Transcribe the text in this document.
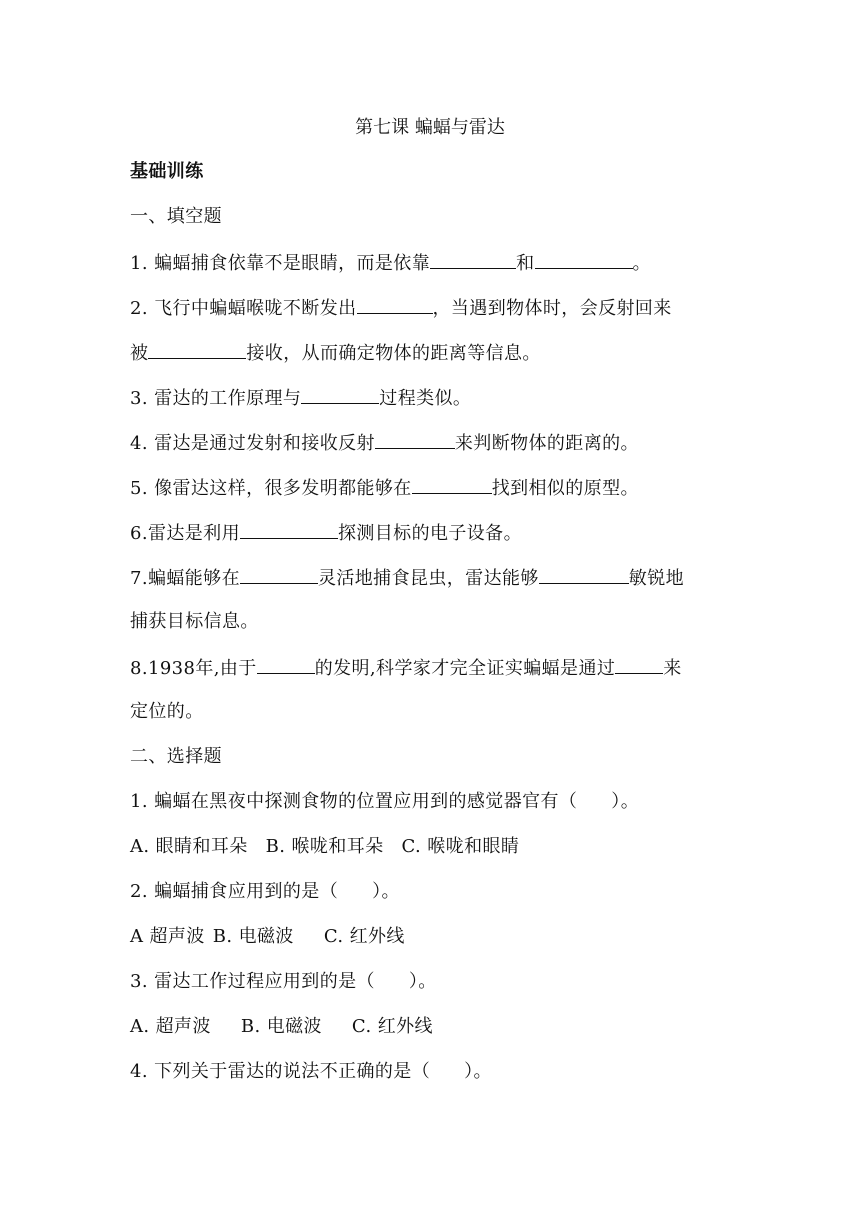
第七课 蝙蝠与雷达
基础训练
一、填空题
1. 蝙蝠捕食依靠不是眼睛，而是依靠	和	。
2. 飞行中蝙蝠喉咙不断发出	，当遇到物体时，会反射回来
被	接收，从而确定物体的距离等信息。
3. 雷达的工作原理与	过程类似。
4. 雷达是通过发射和接收反射	来判断物体的距离的。
5. 像雷达这样，很多发明都能够在	找到相似的原型。
6.雷达是利用	探测目标的电子设备。
7.蝙蝠能够在	灵活地捕食昆虫，雷达能够	敏锐地
捕获目标信息。
8.1938年,由于	的发明,科学家才完全证实蝙蝠是通过	来
定位的。
二、选择题
1. 蝙蝠在黑夜中探测食物的位置应用到的感觉器官有（ ）。
A. 眼睛和耳朵 B. 喉咙和耳朵 C. 喉咙和眼睛
2. 蝙蝠捕食应用到的是（ ）。
A 超声波 B. 电磁波 C. 红外线
3. 雷达工作过程应用到的是（ ）。
A. 超声波 B. 电磁波 C. 红外线
4. 下列关于雷达的说法不正确的是（ ）。
